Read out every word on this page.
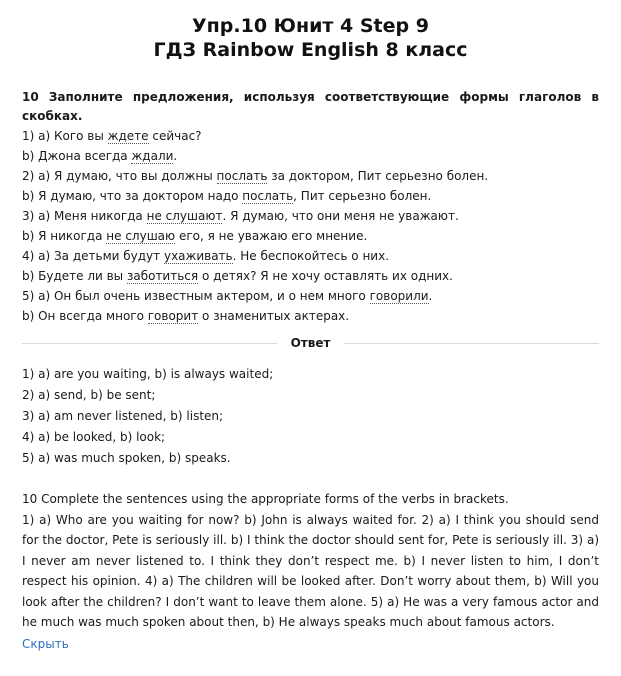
Упр.10 Юнит 4 Step 9
ГДЗ Rainbow English 8 класс

10 Заполните предложения, используя соответствующие формы глаголов в скобках.

1) а) Кого вы ждете сейчас?
b) Джона всегда ждали.
2) а) Я думаю, что вы должны послать за доктором, Пит серьезно болен.
b) Я думаю, что за доктором надо послать, Пит серьезно болен.
3) а) Меня никогда не слушают. Я думаю, что они меня не уважают.
b) Я никогда не слушаю его, я не уважаю его мнение.
4) а) За детьми будут ухаживать. Не беспокойтесь о них.
b) Будете ли вы заботиться о детях? Я не хочу оставлять их одних.
5) а) Он был очень известным актером, и о нем много говорили.
b) Он всегда много говорит о знаменитых актерах.
Ответ
1) a) are you waiting, b) is always waited;
2) a) send, b) be sent;
3) a) am never listened, b) listen;
4) a) be looked, b) look;
5) a) was much spoken, b) speaks.
10 Complete the sentences using the appropriate forms of the verbs in brackets.
1) a) Who are you waiting for now? b) John is always waited for. 2) a) I think you should send for the doctor, Pete is seriously ill. b) I think the doctor should sent for, Pete is seriously ill. 3) a) I never am never listened to. I think they don’t respect me. b) I never listen to him, I don’t respect his opinion. 4) a) The children will be looked after. Don’t worry about them, b) Will you look after the children? I don’t want to leave them alone. 5) a) He was a very famous actor and he much was much spoken about then, b) He always speaks much about famous actors.
Скрыть
